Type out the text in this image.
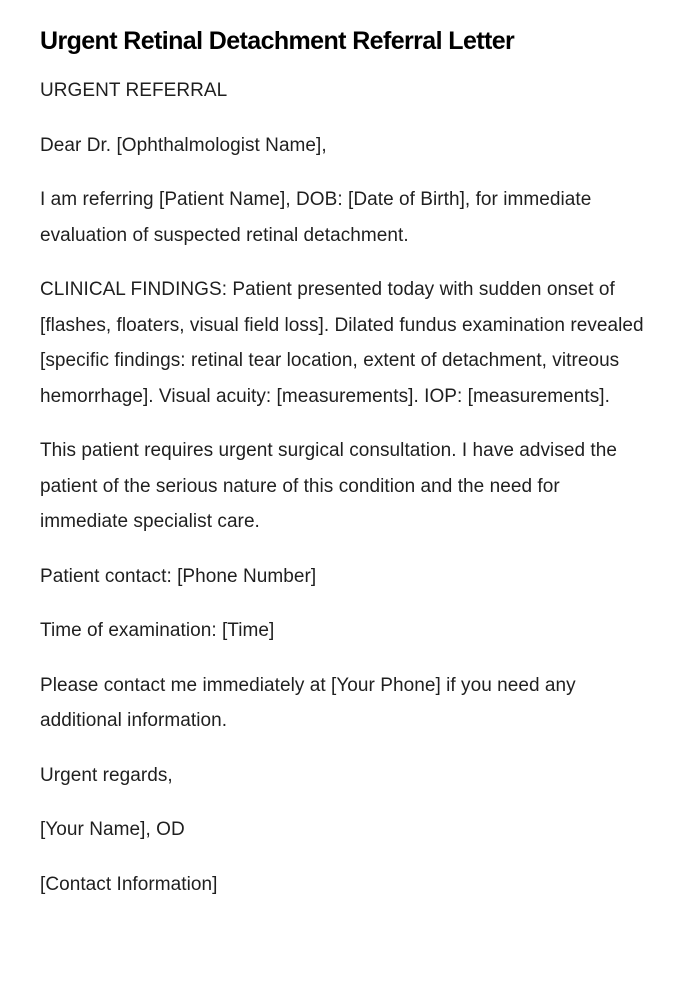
Urgent Retinal Detachment Referral Letter

URGENT REFERRAL

Dear Dr. [Ophthalmologist Name],

I am referring [Patient Name], DOB: [Date of Birth], for immediate evaluation of suspected retinal detachment.

CLINICAL FINDINGS: Patient presented today with sudden onset of [flashes, floaters, visual field loss]. Dilated fundus examination revealed [specific findings: retinal tear location, extent of detachment, vitreous hemorrhage]. Visual acuity: [measurements]. IOP: [measurements].

This patient requires urgent surgical consultation. I have advised the patient of the serious nature of this condition and the need for immediate specialist care.

Patient contact: [Phone Number]

Time of examination: [Time]

Please contact me immediately at [Your Phone] if you need any additional information.

Urgent regards,

[Your Name], OD

[Contact Information]
